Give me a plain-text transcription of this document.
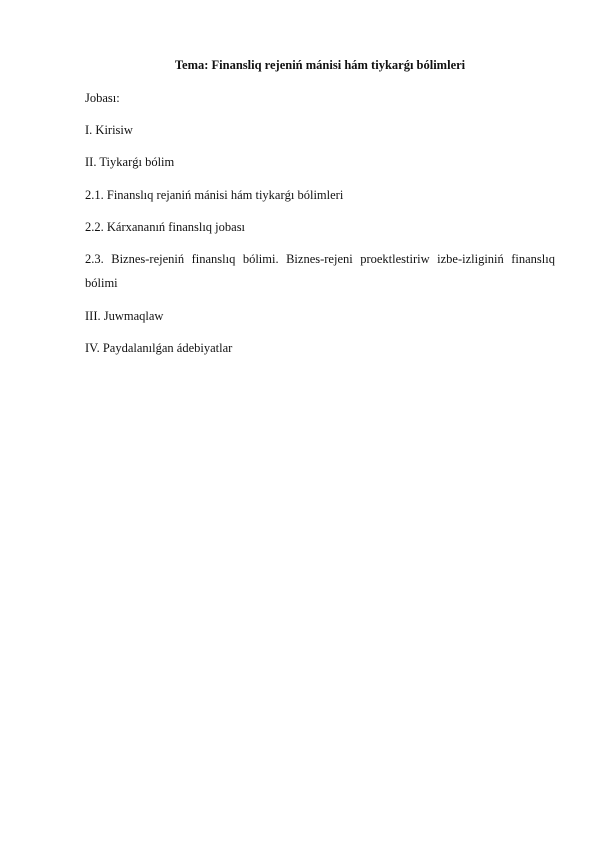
Tema: Finansliq rejeniń mánisi hám tiykarǵı bólimleri
Jobası:
I. Kirisiw
II. Tiykarǵı bólim
2.1. Finanslıq rejaniń mánisi hám tiykarǵı bólimleri
2.2. Kárxananıń finanslıq jobası
2.3. Biznes-rejeniń finanslıq bólimi. Biznes-rejeni proektlestiriw izbe-izliginiń finanslıq bólimi
III. Juwmaqlaw
IV. Paydalanılǵan ádebiyatlar
